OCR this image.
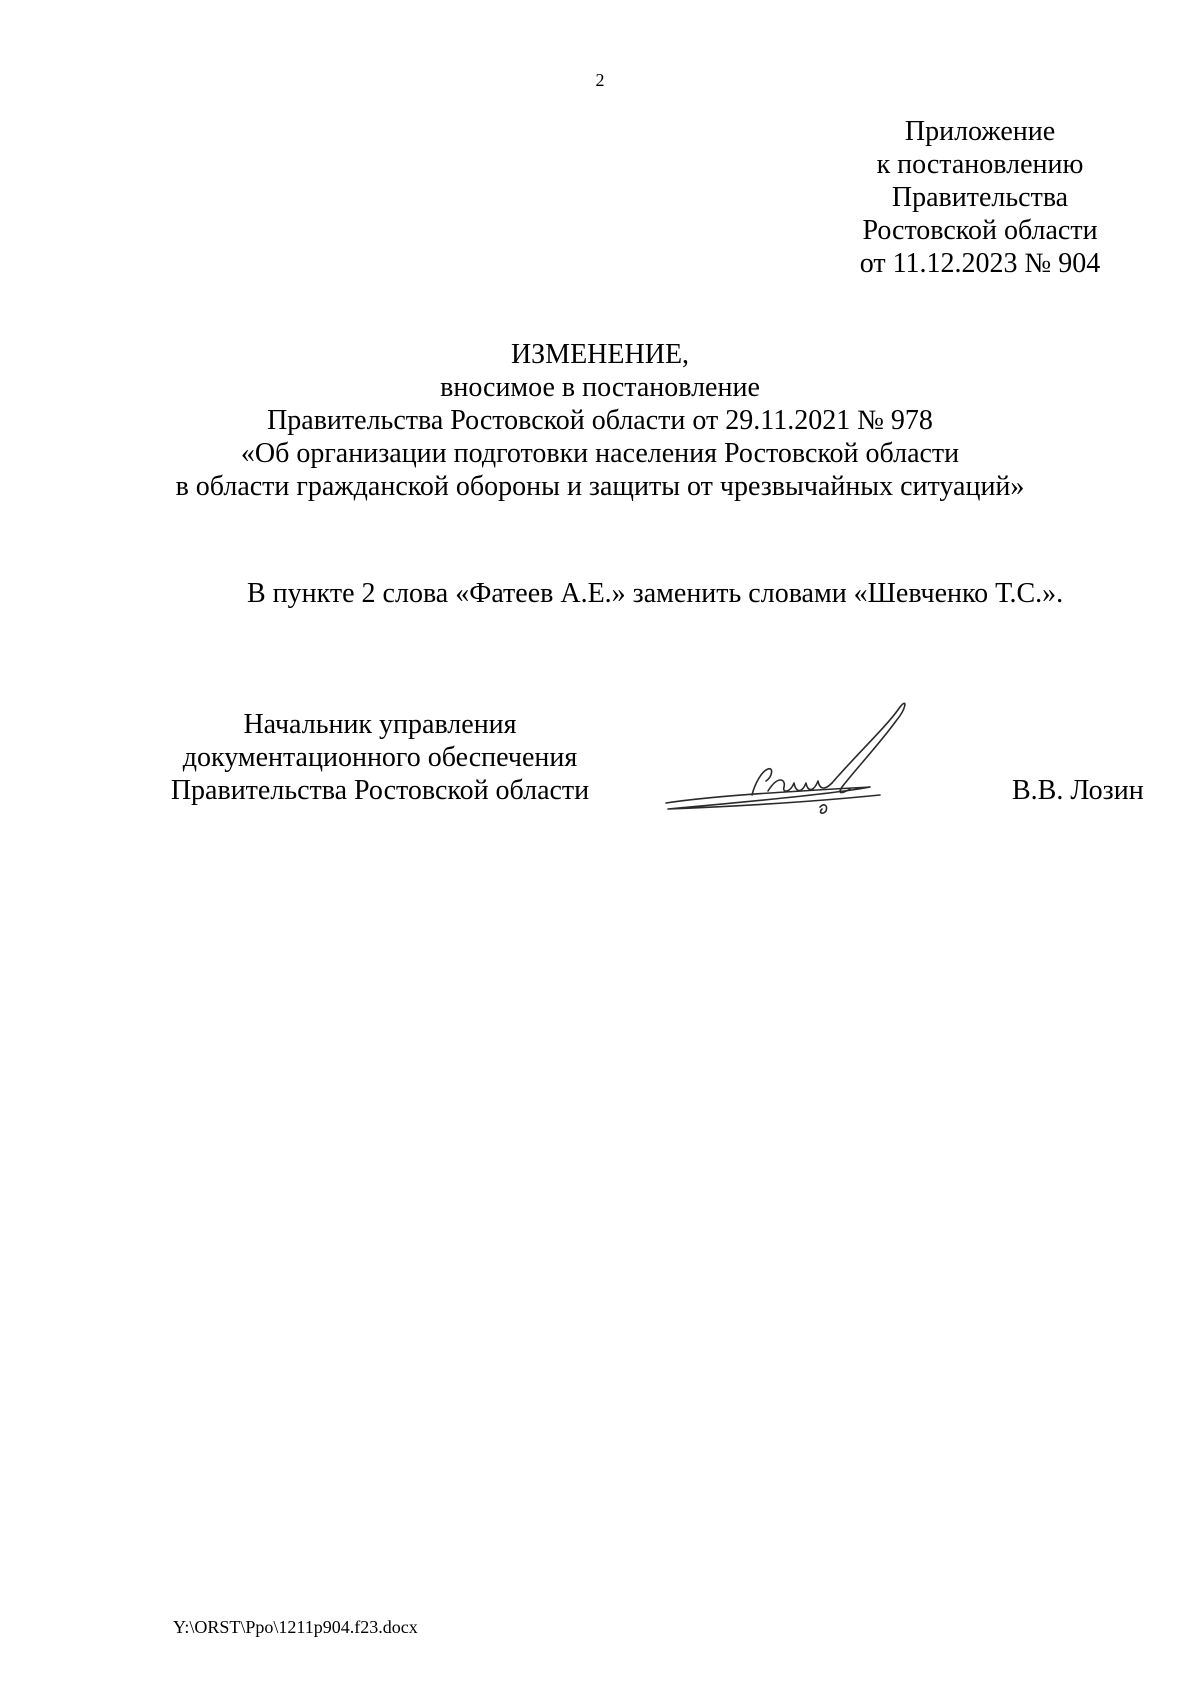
2
Приложение
к постановлению
Правительства
Ростовской области
от 11.12.2023 № 904
ИЗМЕНЕНИЕ,
вносимое в постановление
Правительства Ростовской области от 29.11.2021 № 978
«Об организации подготовки населения Ростовской области
в области гражданской обороны и защиты от чрезвычайных ситуаций»
В пункте 2 слова «Фатеев А.Е.» заменить словами «Шевченко Т.С.».
Начальник управления
документационного обеспечения
Правительства Ростовской области	В.В. Лозин
Y:\ORST\Ppo\1211p904.f23.docx
